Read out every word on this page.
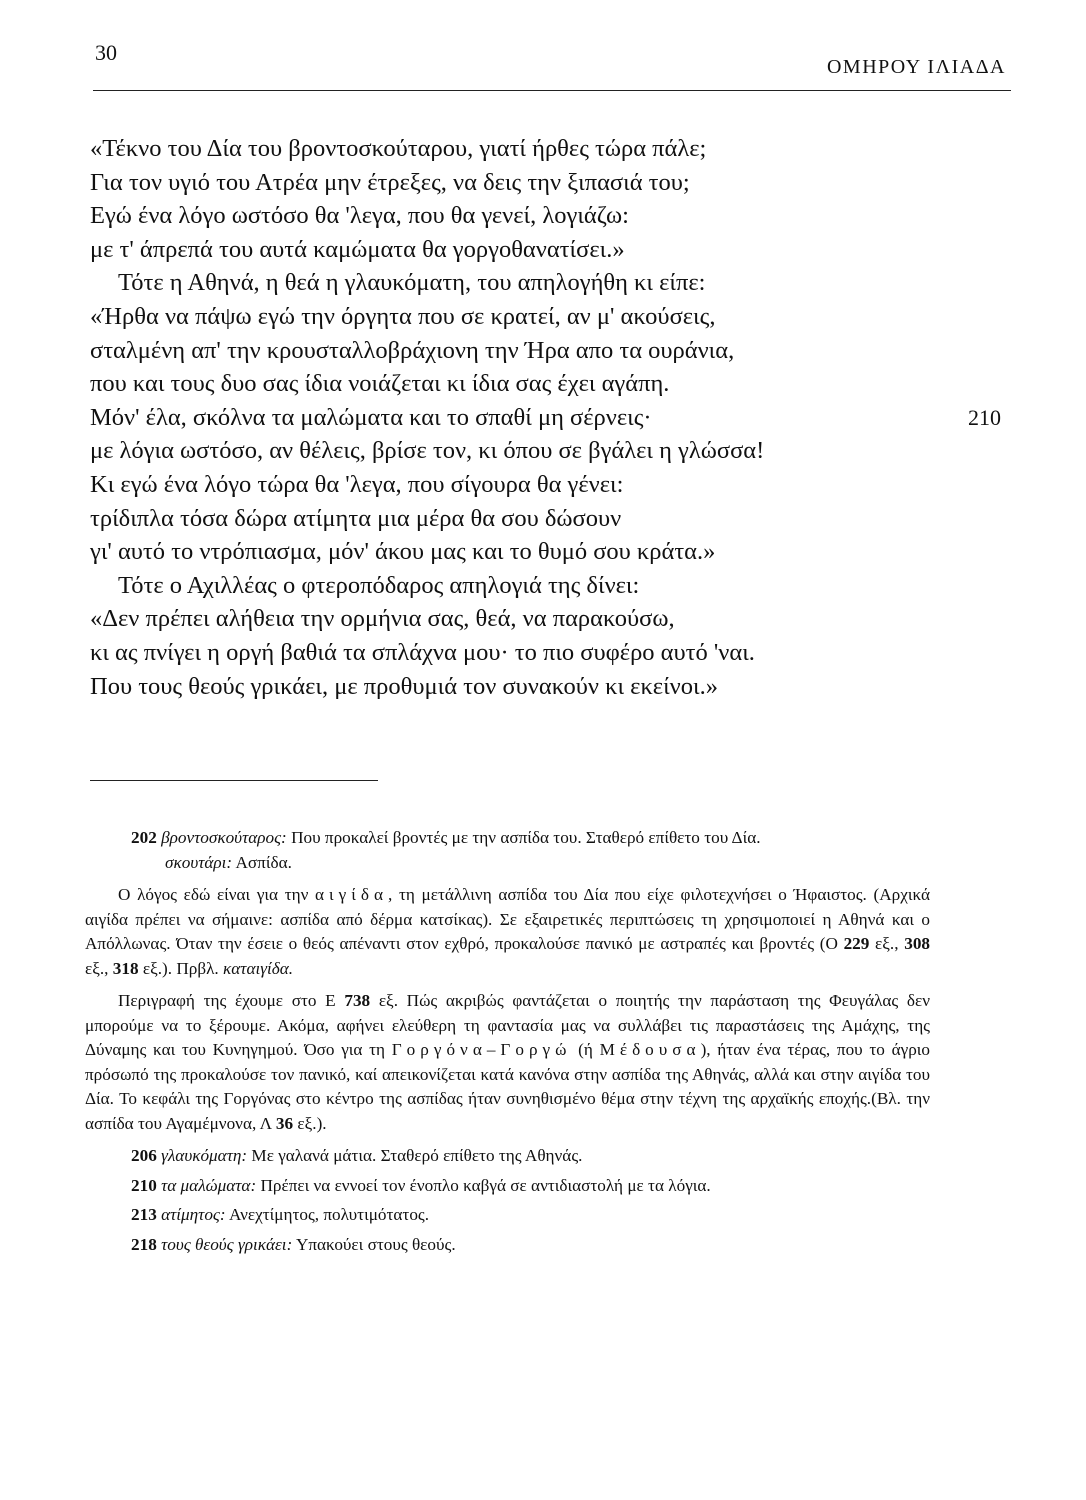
30
ΟΜΗΡΟΥ ΙΛΙΑΔΑ
«Τέκνο του Δία του βροντοσκούταρου, γιατί ήρθες τώρα πάλε;
Για τον υγιό του Ατρέα μην έτρεξες, να δεις την ξιπασιά του;
Εγώ ένα λόγο ωστόσο θα 'λεγα, που θα γενεί, λογιάζω:
με τ' άπρεπά του αυτά καμώματα θα γοργοθανατίσει.»
Τότε η Αθηνά, η θεά η γλαυκόματη, του απηλογήθη κι είπε:
«Ήρθα να πάψω εγώ την όργητα που σε κρατεί, αν μ' ακούσεις,
σταλμένη απ' την κρουσταλλοβράχιονη την Ήρα απο τα ουράνια,
που και τους δυο σας ίδια νοιάζεται κι ίδια σας έχει αγάπη.
Μόν' έλα, σκόλνα τα μαλώματα και το σπαθί μη σέρνεις·	210
με λόγια ωστόσο, αν θέλεις, βρίσε τον, κι όπου σε βγάλει η γλώσσα!
Κι εγώ ένα λόγο τώρα θα 'λεγα, που σίγουρα θα γένει:
τρίδιπλα τόσα δώρα ατίμητα μια μέρα θα σου δώσουν
γι' αυτό το ντρόπιασμα, μόν' άκου μας και το θυμό σου κράτα.»
Τότε ο Αχιλλέας ο φτεροπόδαρος απηλογιά της δίνει:
«Δεν πρέπει αλήθεια την ορμήνια σας, θεά, να παρακούσω,
κι ας πνίγει η οργή βαθιά τα σπλάχνα μου· το πιο συφέρο αυτό 'ναι.
Που τους θεούς γρικάει, με προθυμιά τον συνακούν κι εκείνοι.»

202 βροντοσκούταρος: Που προκαλεί βροντές με την ασπίδα του. Σταθερό επίθετο του Δία.

σκουτάρι: Ασπίδα.

Ο λόγος εδώ είναι για την αιγίδα, τη μετάλλινη ασπίδα του Δία που είχε φιλοτεχνήσει ο Ήφαιστος. (Αρχικά αιγίδα πρέπει να σήμαινε: ασπίδα από δέρμα κατσίκας). Σε εξαιρετικές περιπτώσεις τη χρησιμοποιεί η Αθηνά και ο Απόλλωνας. Όταν την έσειε ο θεός απέναντι στον εχθρό, προκαλούσε πανικό με αστραπές και βροντές (Ο 229 εξ., 308 εξ., 318 εξ.). Πρβλ. καταιγίδα.

Περιγραφή της έχουμε στο Ε 738 εξ. Πώς ακριβώς φαντάζεται ο ποιητής την παράσταση της Φευγάλας δεν μπορούμε να το ξέρουμε. Ακόμα, αφήνει ελεύθερη τη φαντασία μας να συλλάβει τις παραστάσεις της Αμάχης, της Δύναμης και του Κυνηγημού. Όσο για τη Γοργόνα–Γοργώ (ή Μέδουσα), ήταν ένα τέρας, που το άγριο πρόσωπό της προκαλούσε τον πανικό, καί απεικονίζεται κατά κανόνα στην ασπίδα της Αθηνάς, αλλά και στην αιγίδα του Δία. Το κεφάλι της Γοργόνας στο κέντρο της ασπίδας ήταν συνηθισμένο θέμα στην τέχνη της αρχαϊκής εποχής.(Βλ. την ασπίδα του Αγαμέμνονα, Λ 36 εξ.).

206 γλαυκόματη: Με γαλανά μάτια. Σταθερό επίθετο της Αθηνάς.

210 τα μαλώματα: Πρέπει να εννοεί τον ένοπλο καβγά σε αντιδιαστολή με τα λόγια.

213 ατίμητος: Ανεχτίμητος, πολυτιμότατος.

218 τους θεούς γρικάει: Υπακούει στους θεούς.
